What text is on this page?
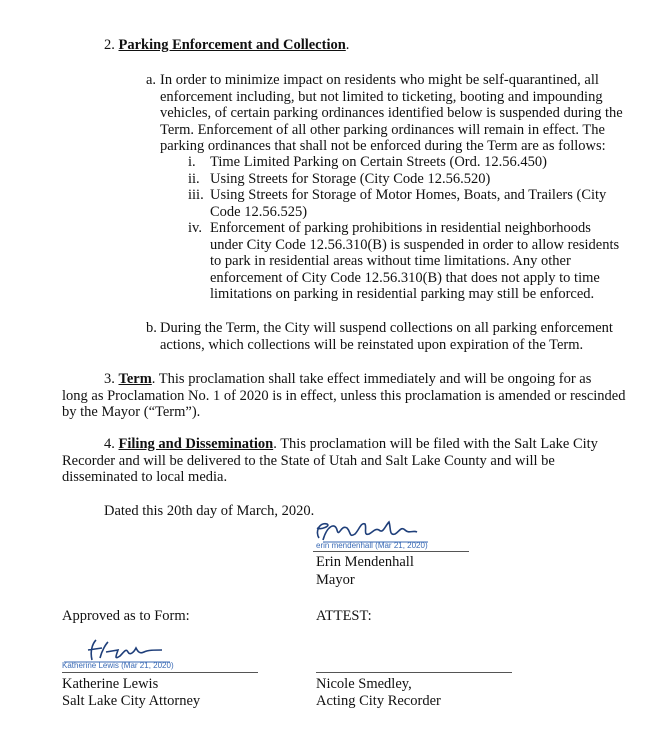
2. Parking Enforcement and Collection.
a. In order to minimize impact on residents who might be self-quarantined, all
enforcement including, but not limited to ticketing, booting and impounding
vehicles, of certain parking ordinances identified below is suspended during the
Term. Enforcement of all other parking ordinances will remain in effect. The
parking ordinances that shall not be enforced during the Term are as follows:
i. Time Limited Parking on Certain Streets (Ord. 12.56.450)
ii. Using Streets for Storage (City Code 12.56.520)
iii. Using Streets for Storage of Motor Homes, Boats, and Trailers (City
Code 12.56.525)
iv. Enforcement of parking prohibitions in residential neighborhoods
under City Code 12.56.310(B) is suspended in order to allow residents
to park in residential areas without time limitations. Any other
enforcement of City Code 12.56.310(B) that does not apply to time
limitations on parking in residential parking may still be enforced.
b. During the Term, the City will suspend collections on all parking enforcement
actions, which collections will be reinstated upon expiration of the Term.
3. Term. This proclamation shall take effect immediately and will be ongoing for as
long as Proclamation No. 1 of 2020 is in effect, unless this proclamation is amended or rescinded
by the Mayor (“Term”).
4. Filing and Dissemination. This proclamation will be filed with the Salt Lake City
Recorder and will be delivered to the State of Utah and Salt Lake County and will be
disseminated to local media.
Dated this 20th day of March, 2020.
erin mendenhall (Mar 21, 2020)
Erin Mendenhall
Mayor
Approved as to Form:	ATTEST:
Katherine Lewis (Mar 21, 2020)
Katherine Lewis
Salt Lake City Attorney
Nicole Smedley,
Acting City Recorder
